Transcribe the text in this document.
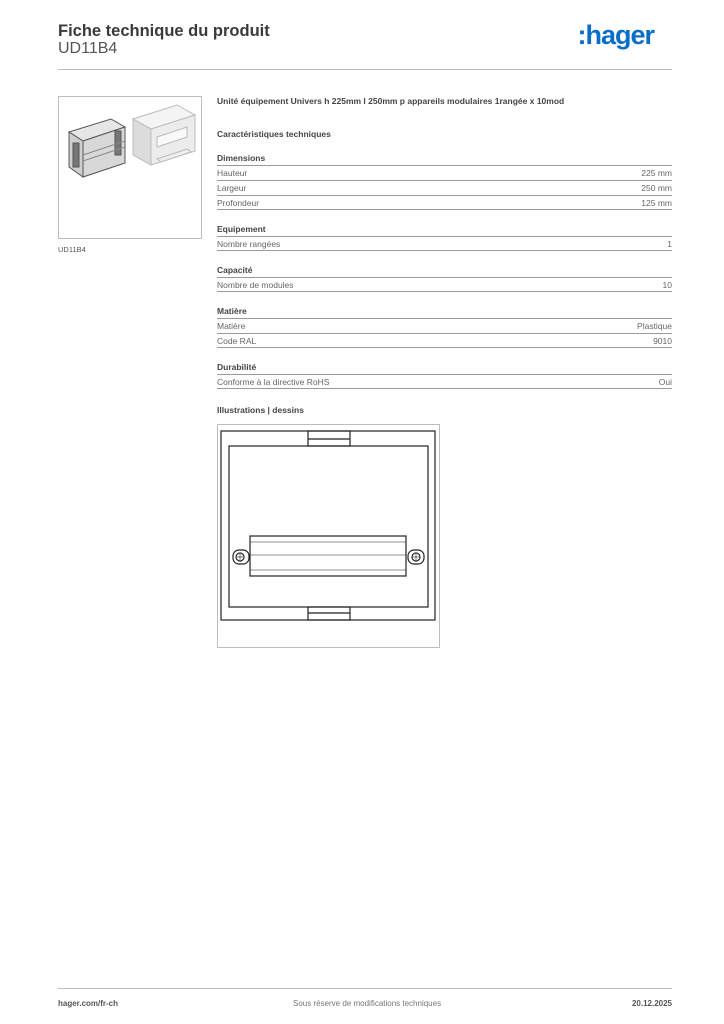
Fiche technique du produit
UD11B4	:hager
UD11B4
Unité équipement Univers h 225mm l 250mm p appareils modulaires 1rangée x 10mod
Caractéristiques techniques
Dimensions
Hauteur	225 mm
Largeur	250 mm
Profondeur	125 mm
Equipement
Nombre rangées	1
Capacité
Nombre de modules	10
Matière
Matière	Plastique
Code RAL	9010
Durabilité
Conforme à la directive RoHS	Oui
Illustrations | dessins
hager.com/fr-ch	Sous réserve de modifications techniques	20.12.2025
